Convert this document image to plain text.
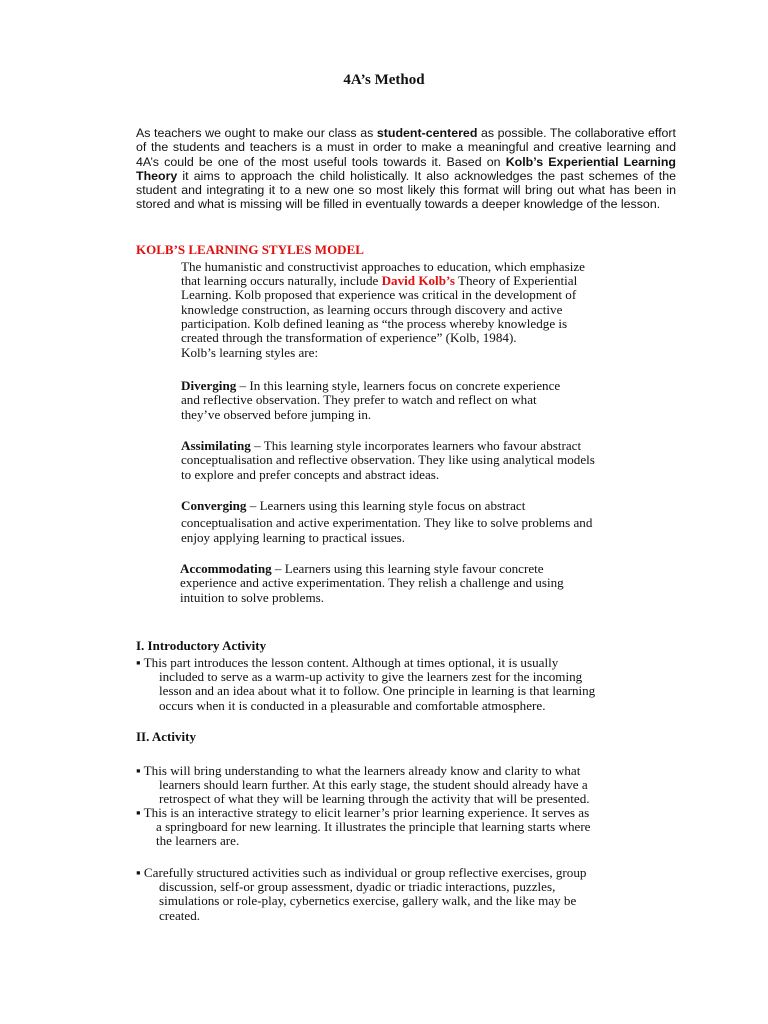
4A’s Method
As teachers we ought to make our class as student-centered as possible. The collaborative effort of the students and teachers is a must in order to make a meaningful and creative learning and 4A’s could be one of the most useful tools towards it. Based on Kolb’s Experiential Learning Theory it aims to approach the child holistically. It also acknowledges the past schemes of the student and integrating it to a new one so most likely this format will bring out what has been in stored and what is missing will be filled in eventually towards a deeper knowledge of the lesson.
KOLB’S LEARNING STYLES MODEL
The humanistic and constructivist approaches to education, which emphasize
that learning occurs naturally, include David Kolb’s Theory of Experiential
Learning. Kolb proposed that experience was critical in the development of
knowledge construction, as learning occurs through discovery and active
participation. Kolb defined leaning as “the process whereby knowledge is
created through the transformation of experience” (Kolb, 1984).
Kolb’s learning styles are:
Diverging – In this learning style, learners focus on concrete experience
and reflective observation. They prefer to watch and reflect on what
they’ve observed before jumping in.
Assimilating – This learning style incorporates learners who favour abstract
conceptualisation and reflective observation. They like using analytical models
to explore and prefer concepts and abstract ideas.
Converging – Learners using this learning style focus on abstract
conceptualisation and active experimentation. They like to solve problems and
enjoy applying learning to practical issues.
Accommodating – Learners using this learning style favour concrete
experience and active experimentation. They relish a challenge and using
intuition to solve problems.
I. Introductory Activity
▪ This part introduces the lesson content. Although at times optional, it is usually
included to serve as a warm-up activity to give the learners zest for the incoming
lesson and an idea about what it to follow. One principle in learning is that learning
occurs when it is conducted in a pleasurable and comfortable atmosphere.
II. Activity
▪ This will bring understanding to what the learners already know and clarity to what
learners should learn further. At this early stage, the student should already have a
retrospect of what they will be learning through the activity that will be presented.
▪ This is an interactive strategy to elicit learner’s prior learning experience. It serves as
a springboard for new learning. It illustrates the principle that learning starts where
the learners are.
▪ Carefully structured activities such as individual or group reflective exercises, group
discussion, self-or group assessment, dyadic or triadic interactions, puzzles,
simulations or role-play, cybernetics exercise, gallery walk, and the like may be
created.
